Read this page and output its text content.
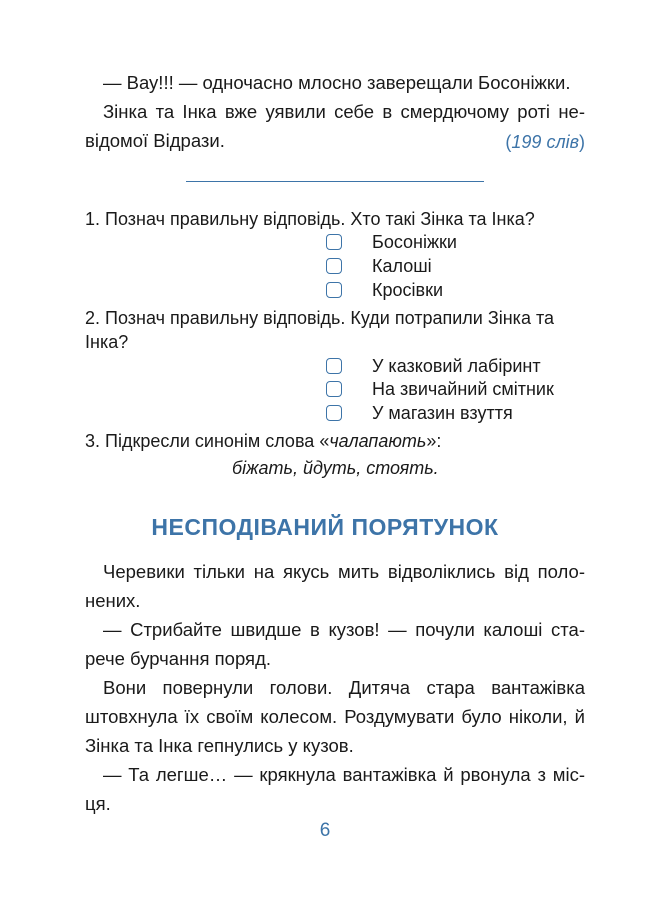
— Вау!!! — одночасно млосно заверещали Босоніжки.
Зінка та Інка вже уявили себе в смердючому роті невідомої Відрази.	(199 слів)
1. Познач правильну відповідь. Хто такі Зінка та Інка?
Босоніжки
Калоші
Кросівки
2. Познач правильну відповідь. Куди потрапили Зінка та Інка?
У казковий лабіринт
На звичайний смітник
У магазин взуття
3. Підкресли синонім слова «чалапають»:
біжать, йдуть, стоять.
НЕСПОДІВАНИЙ ПОРЯТУНОК
Черевики тільки на якусь мить відволіклись від полонених.
— Стрибайте швидше в кузов! — почули калоші старече бурчання поряд.
Вони повернули голови. Дитяча стара вантажівка штовхнула їх своїм колесом. Роздумувати було ніколи, й Зінка та Інка гепнулись у кузов.
— Та легше… — крякнула вантажівка й рвонула з місця.
6
